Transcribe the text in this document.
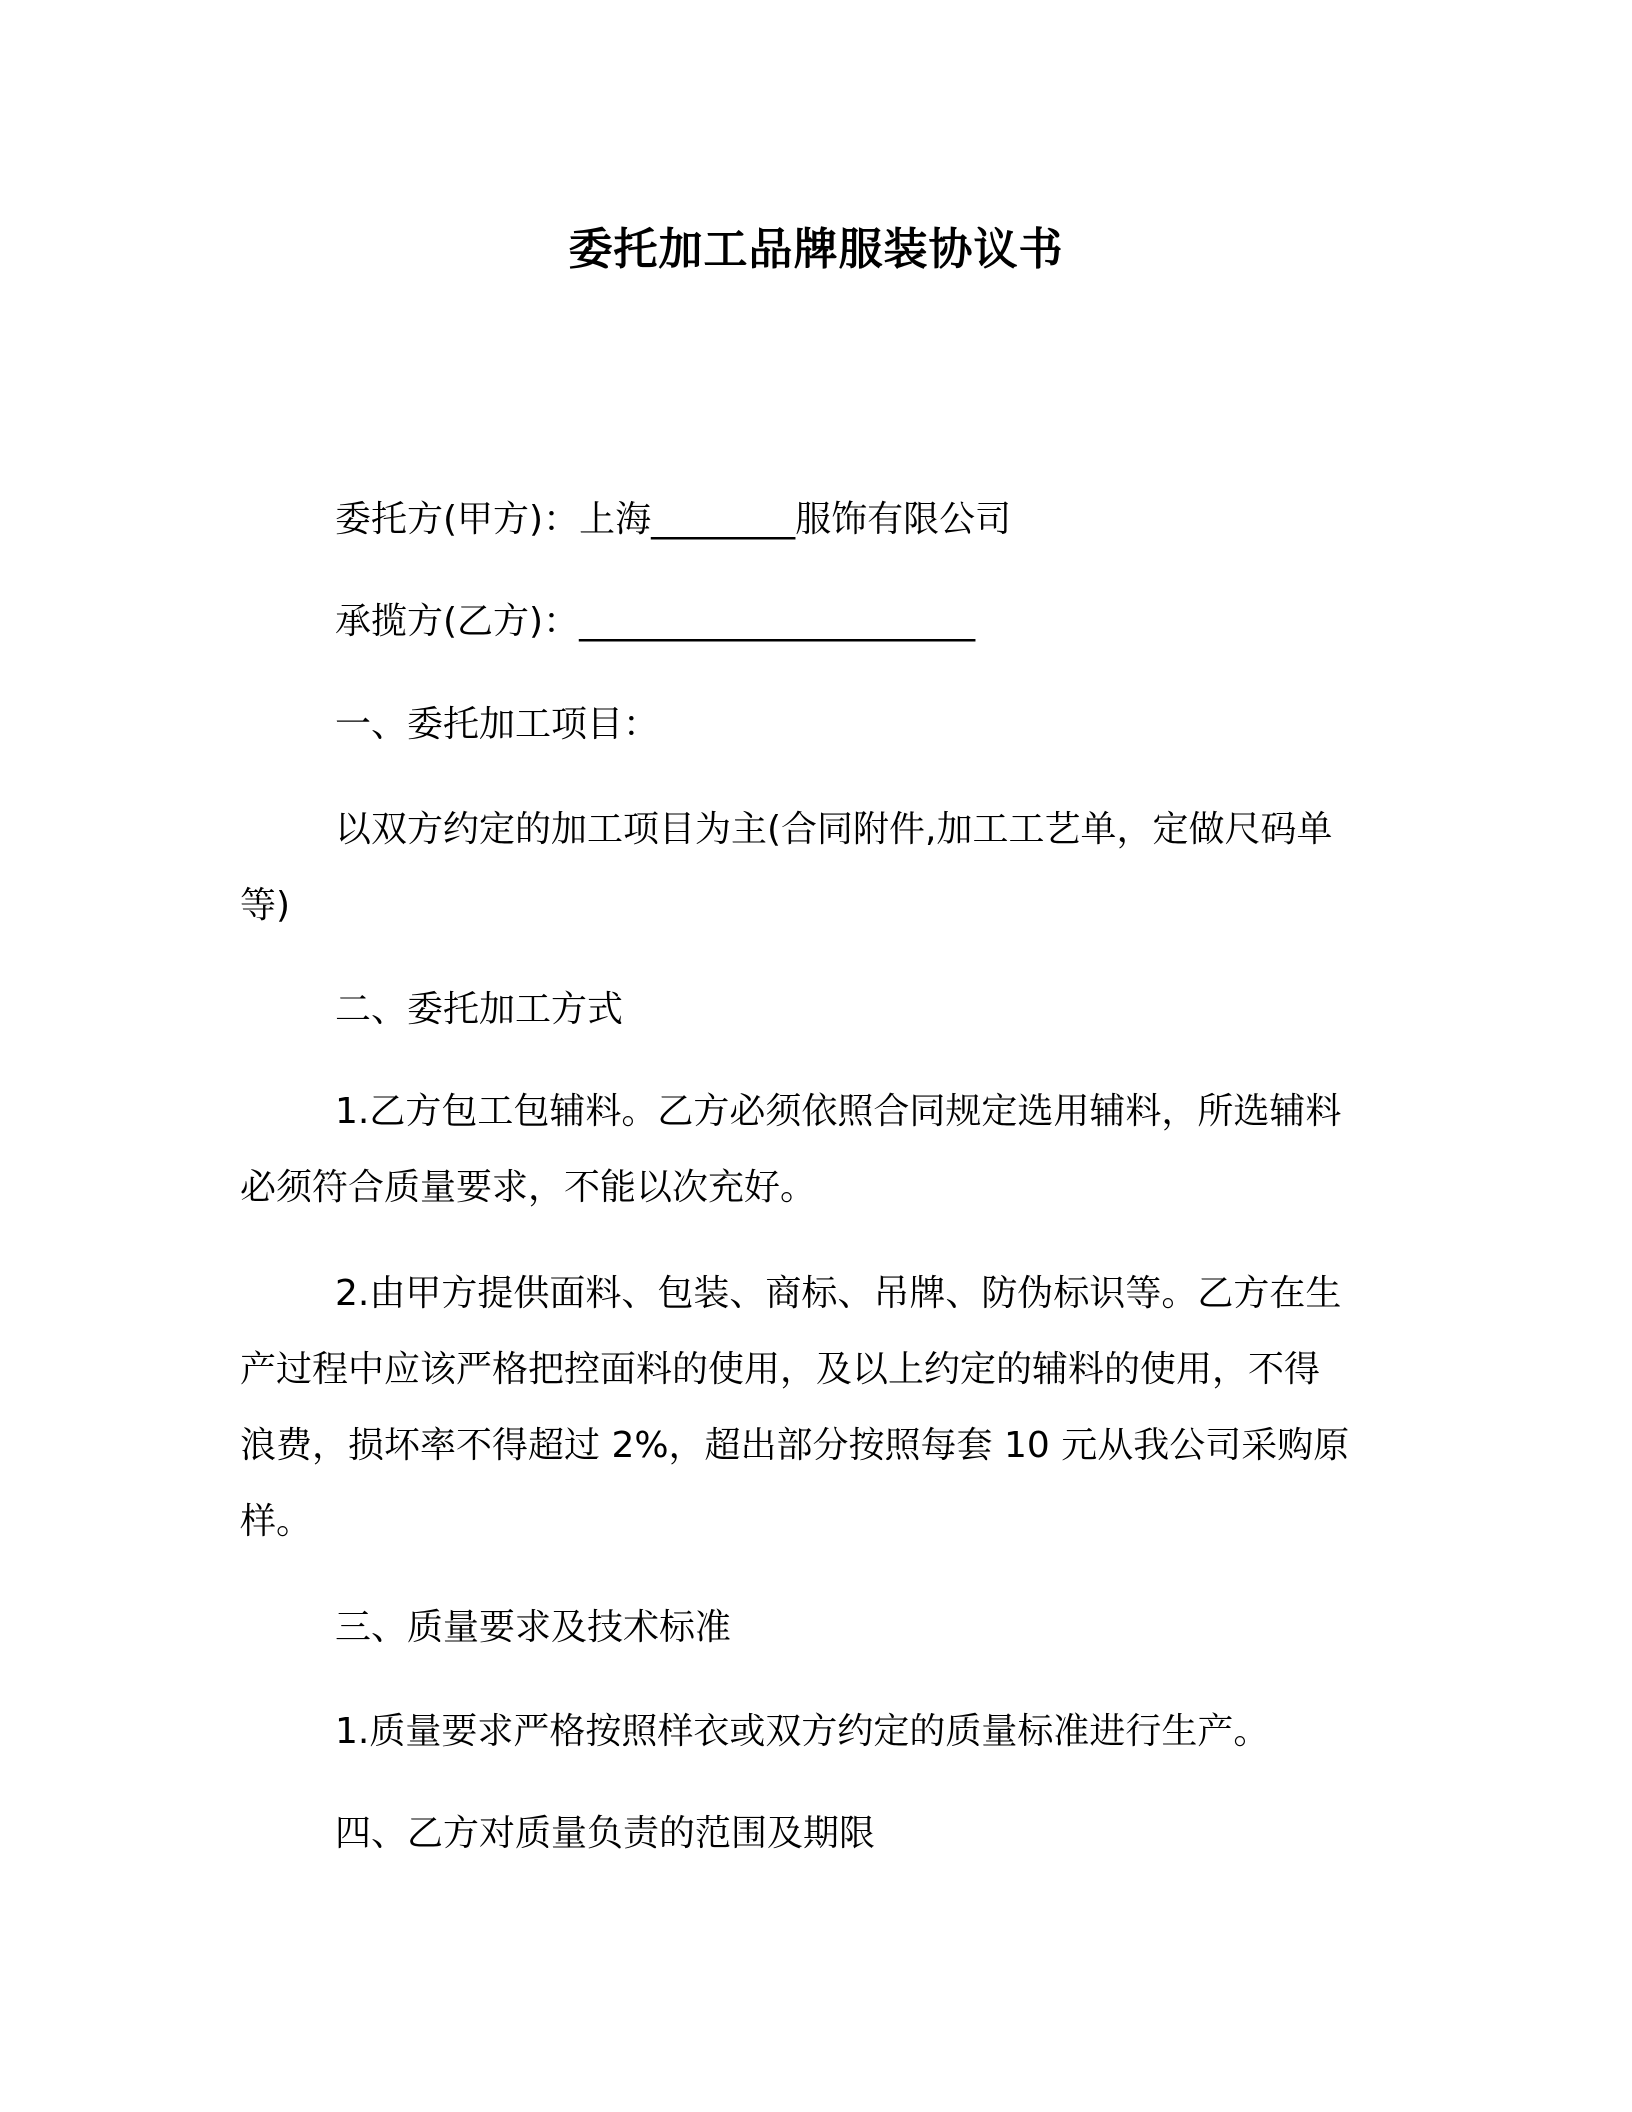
委托加工品牌服装协议书
委托方(甲方)：上海________服饰有限公司
承揽方(乙方)：______________________
一、委托加工项目：
以双方约定的加工项目为主(合同附件,加工工艺单，定做尺码单
等)
二、委托加工方式
1.乙方包工包辅料。乙方必须依照合同规定选用辅料，所选辅料
必须符合质量要求，不能以次充好。
2.由甲方提供面料、包装、商标、吊牌、防伪标识等。乙方在生
产过程中应该严格把控面料的使用，及以上约定的辅料的使用，不得
浪费，损坏率不得超过 2%，超出部分按照每套 10 元从我公司采购原
样。
三、质量要求及技术标准
1.质量要求严格按照样衣或双方约定的质量标准进行生产。
四、乙方对质量负责的范围及期限
